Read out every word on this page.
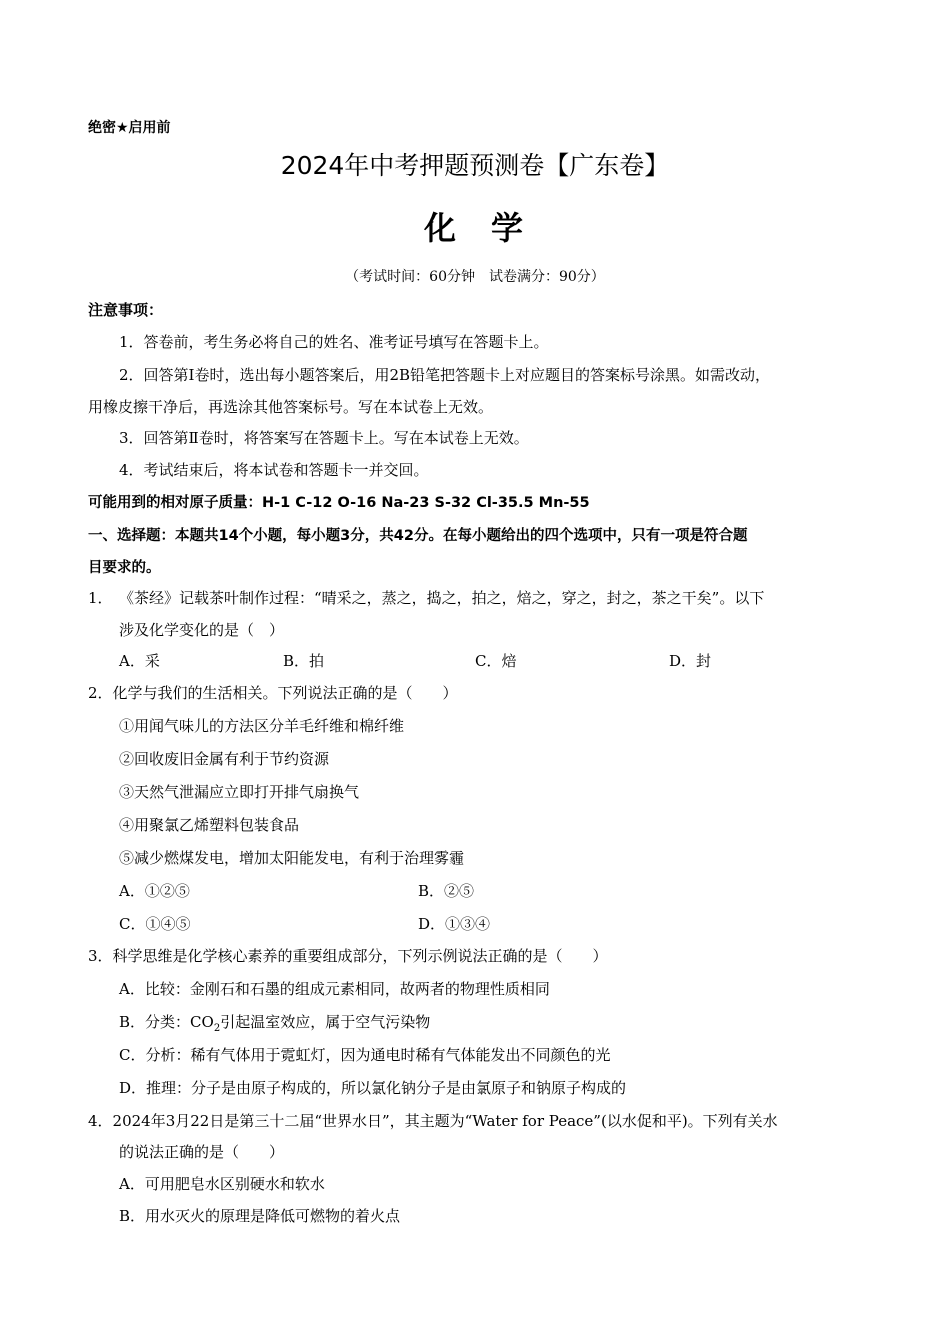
绝密★启用前
2024年中考押题预测卷【广东卷】
化 学
（考试时间：60分钟　试卷满分：90分）
注意事项：
1．答卷前，考生务必将自己的姓名、准考证号填写在答题卡上。
2．回答第Ⅰ卷时，选出每小题答案后，用2B铅笔把答题卡上对应题目的答案标号涂黑。如需改动，
用橡皮擦干净后，再选涂其他答案标号。写在本试卷上无效。
3．回答第Ⅱ卷时，将答案写在答题卡上。写在本试卷上无效。
4．考试结束后，将本试卷和答题卡一并交回。
可能用到的相对原子质量：H-1 C-12 O-16 Na-23 S-32 Cl-35.5 Mn-55
一、选择题：本题共14个小题，每小题3分，共42分。在每小题给出的四个选项中，只有一项是符合题
目要求的。
1． 《茶经》记载茶叶制作过程：“晴采之，蒸之，捣之，拍之，焙之，穿之，封之，茶之干矣”。以下
涉及化学变化的是（　）
A．采	B．拍	C．焙	D．封
2．化学与我们的生活相关。下列说法正确的是（　　）
①用闻气味儿的方法区分羊毛纤维和棉纤维
②回收废旧金属有利于节约资源
③天然气泄漏应立即打开排气扇换气
④用聚氯乙烯塑料包装食品
⑤减少燃煤发电，增加太阳能发电，有利于治理雾霾
A．①②⑤	B．②⑤
C．①④⑤	D．①③④
3．科学思维是化学核心素养的重要组成部分，下列示例说法正确的是（　　）
A．比较：金刚石和石墨的组成元素相同，故两者的物理性质相同
B．分类：$CO_2$引起温室效应，属于空气污染物
C．分析：稀有气体用于霓虹灯，因为通电时稀有气体能发出不同颜色的光
D．推理：分子是由原子构成的，所以氯化钠分子是由氯原子和钠原子构成的
4．2024年3月22日是第三十二届“世界水日”，其主题为“Water for Peace”(以水促和平)。下列有关水
的说法正确的是（　　）
A．可用肥皂水区别硬水和软水
B．用水灭火的原理是降低可燃物的着火点
